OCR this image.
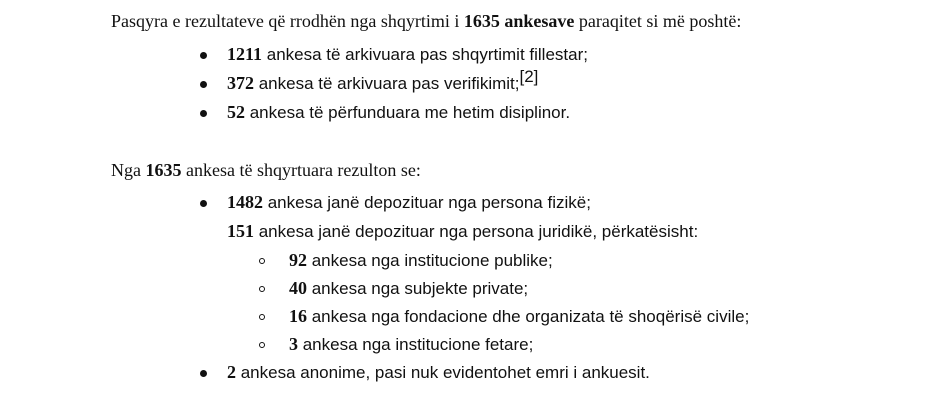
Pasqyra e rezultateve që rrodhën nga shqyrtimi i 1635 ankesave paraqitet si më poshtë:
1211 ankesa të arkivuara pas shqyrtimit fillestar;
372 ankesa të arkivuara pas verifikimit;[2]
52 ankesa të përfunduara me hetim disiplinor.
Nga 1635 ankesa të shqyrtuara rezulton se:
1482 ankesa janë depozituar nga persona fizikë;
151 ankesa janë depozituar nga persona juridikë, përkatësisht:
92 ankesa nga institucione publike;
40 ankesa nga subjekte private;
16 ankesa nga fondacione dhe organizata të shoqërisë civile;
3 ankesa nga institucione fetare;
2 ankesa anonime, pasi nuk evidentohet emri i ankuesit.
